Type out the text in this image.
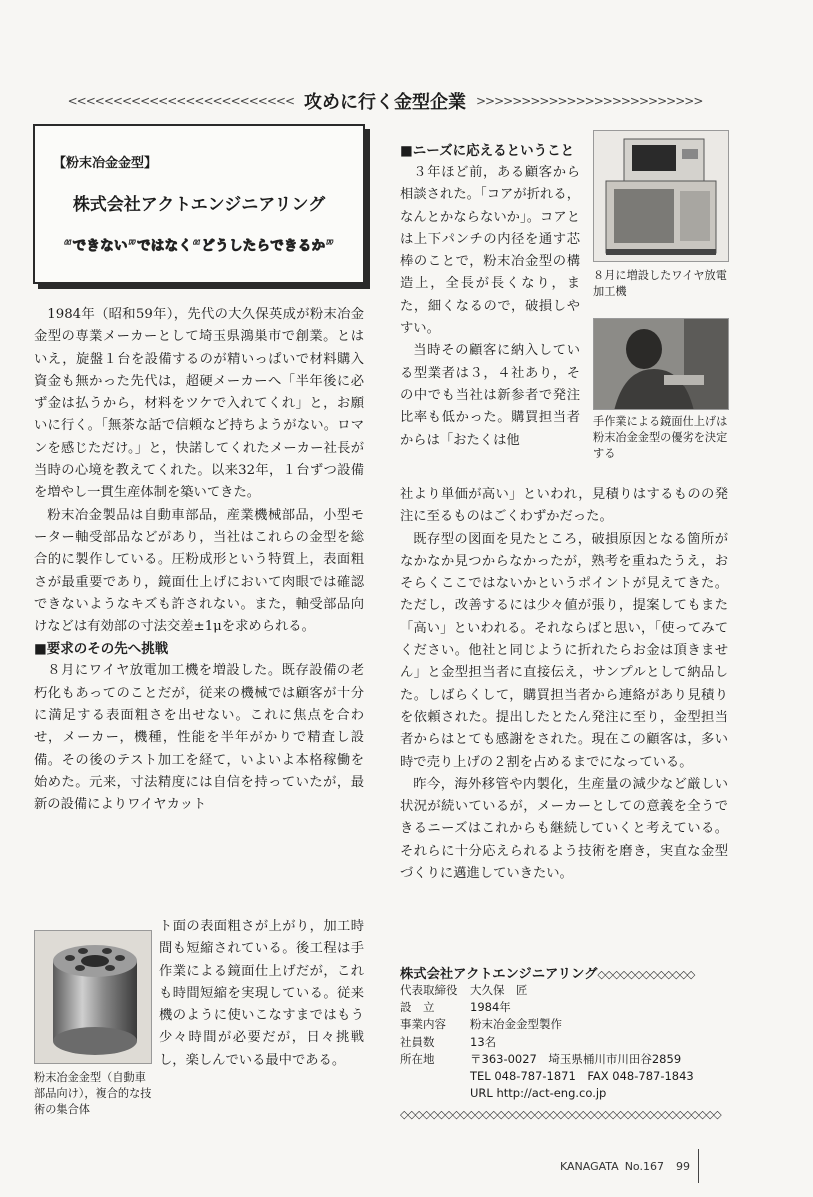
<<<<<<<<<<<<<<<<<<<<<<<<< 攻めに行く金型企業 >>>>>>>>>>>>>>>>>>>>>>>>>
【粉末冶金金型】
株式会社アクトエンジニアリング
“できない”ではなく“どうしたらできるか”

1984年（昭和59年），先代の大久保英成が粉末冶金金型の専業メーカーとして埼玉県鴻巣市で創業。とはいえ，旋盤１台を設備するのが精いっぱいで材料購入資金も無かった先代は，超硬メーカーへ「半年後に必ず金は払うから，材料をツケで入れてくれ」と，お願いに行く。「無茶な話で信頼など持ちようがない。ロマンを感じただけ。」と，快諾してくれたメーカー社長が当時の心境を教えてくれた。以来32年，１台ずつ設備を増やし一貫生産体制を築いてきた。

粉末冶金製品は自動車部品，産業機械部品，小型モーター軸受部品などがあり，当社はこれらの金型を総合的に製作している。圧粉成形という特質上，表面粗さが最重要であり，鏡面仕上げにおいて肉眼では確認できないようなキズも許されない。また，軸受部品向けなどは有効部の寸法交差±1μを求められる。

■要求のその先へ挑戦

８月にワイヤ放電加工機を増設した。既存設備の老朽化もあってのことだが，従来の機械では顧客が十分に満足する表面粗さを出せない。これに焦点を合わせ，メーカー，機種，性能を半年がかりで精査し設備。その後のテスト加工を経て，いよいよ本格稼働を始めた。元来，寸法精度には自信を持っていたが，最新の設備によりワイヤカット

粉末冶金金型（自動車部品向け），複合的な技術の集合体

ト面の表面粗さが上がり，加工時間も短縮されている。後工程は手作業による鏡面仕上げだが，これも時間短縮を実現している。従来機のように使いこなすまではもう少々時間が必要だが，日々挑戦し，楽しんでいる最中である。

■ニーズに応えるということ

３年ほど前，ある顧客から相談された。「コアが折れる，なんとかならないか」。コアとは上下パンチの内径を通す芯棒のことで，粉末冶金型の構造上，全長が長くなり，また，細くなるので，破損しやすい。

当時その顧客に納入している型業者は３，４社あり，その中でも当社は新参者で発注比率も低かった。購買担当者からは「おたくは他

８月に増設したワイヤ放電加工機
手作業による鏡面仕上げは粉末冶金金型の優劣を決定する

社より単価が高い」といわれ，見積りはするものの発注に至るものはごくわずかだった。

既存型の図面を見たところ，破損原因となる箇所がなかなか見つからなかったが，熟考を重ねたうえ，おそらくここではないかというポイントが見えてきた。ただし，改善するには少々値が張り，提案してもまた「高い」といわれる。それならばと思い，「使ってみてください。他社と同じように折れたらお金は頂きません」と金型担当者に直接伝え，サンプルとして納品した。しばらくして，購買担当者から連絡があり見積りを依頼された。提出したとたん発注に至り，金型担当者からはとても感謝をされた。現在この顧客は，多い時で売り上げの２割を占めるまでになっている。

昨今，海外移管や内製化，生産量の減少など厳しい状況が続いているが，メーカーとしての意義を全うできるニーズはこれからも継続していくと考えている。それらに十分応えられるよう技術を磨き，実直な金型づくりに邁進していきたい。

株式会社アクトエンジニアリング◇◇◇◇◇◇◇◇◇◇◇◇◇
代表取締役	大久保　匠
設　立	1984年
事業内容	粉末冶金金型製作
社員数	13名
所在地	〒363-0027　埼玉県桶川市川田谷2859
TEL 048-787-1871　FAX 048-787-1843
URL http://act-eng.co.jp
◇◇◇◇◇◇◇◇◇◇◇◇◇◇◇◇◇◇◇◇◇◇◇◇◇◇◇◇◇◇◇◇◇◇◇◇◇◇◇◇◇◇◇
KANAGATA No.167 99
